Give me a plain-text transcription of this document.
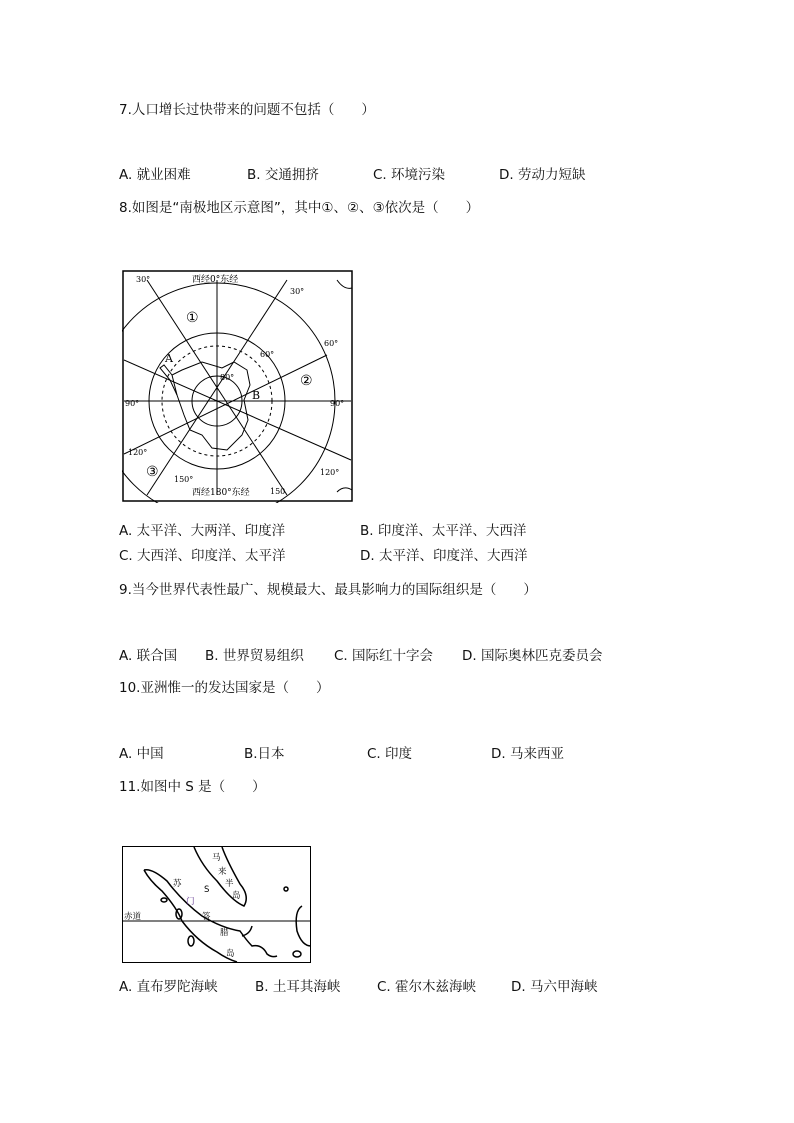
7.人口增长过快带来的问题不包括（　　）
A. 就业困难	B. 交通拥挤	C. 环境污染	D. 劳动力短缺
8.如图是“南极地区示意图”，其中①、②、③依次是（　　）
西经0°东经
西经180°东经
30°
30°
60°
90°	90°
120°
120°
150°
150
60°
80°
A
B
①
②
③
A. 太平洋、大两洋、印度洋	B. 印度洋、太平洋、大西洋
C. 大西洋、印度洋、太平洋	D. 太平洋、印度洋、大西洋
9.当今世界代表性最广、规模最大、最具影响力的国际组织是（　　）
A. 联合国 B. 世界贸易组织 C. 国际红十字会 D. 国际奥林匹克委员会
10.亚洲惟一的发达国家是（　　）
A. 中国	B.日本	C. 印度	D. 马来西亚
11.如图中 S 是（　　）
马
来
半
岛
苏
S
门
答
腊
岛
赤道
A. 直布罗陀海峡	B. 土耳其海峡	C. 霍尔木兹海峡	D. 马六甲海峡
